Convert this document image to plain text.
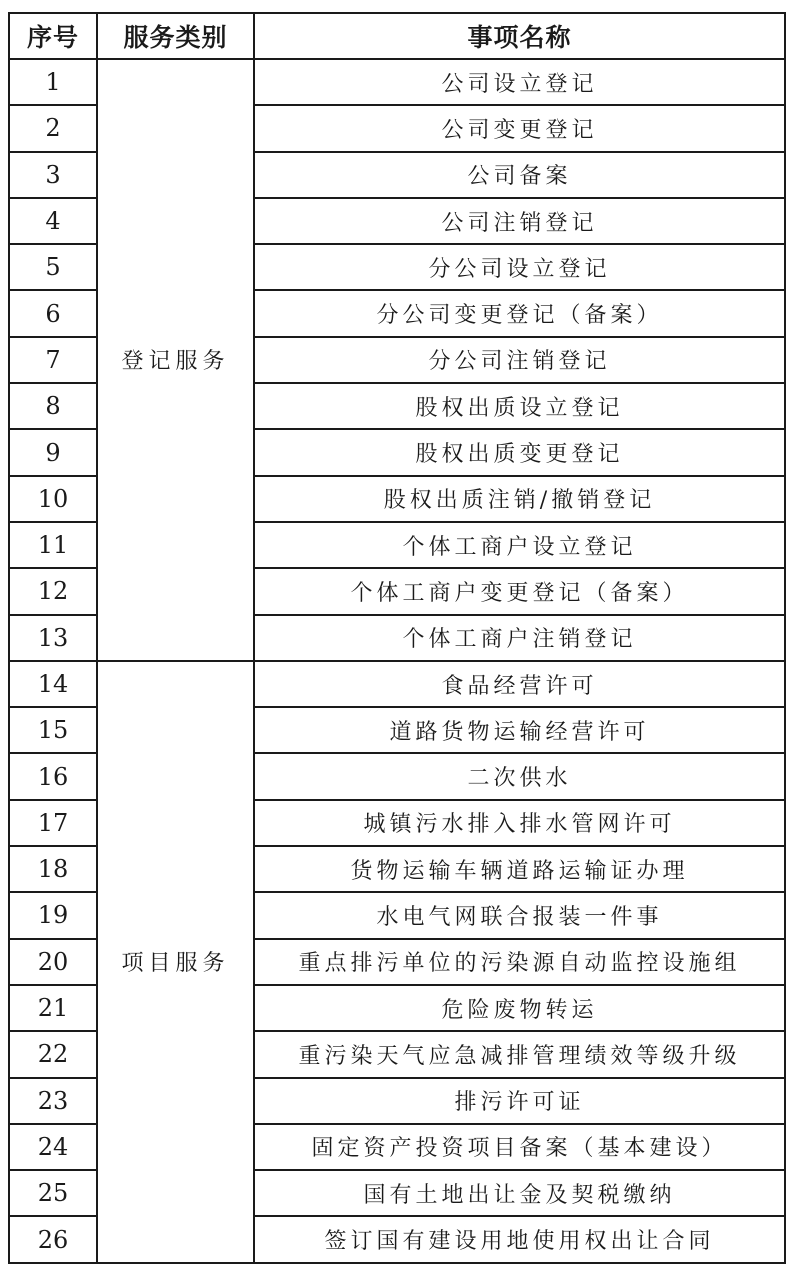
序号	服务类别	事项名称
1	登记服务	公司设立登记
2		公司变更登记
3		公司备案
4		公司注销登记
5		分公司设立登记
6		分公司变更登记（备案）
7		分公司注销登记
8		股权出质设立登记
9		股权出质变更登记
10		股权出质注销/撤销登记
11		个体工商户设立登记
12		个体工商户变更登记（备案）
13		个体工商户注销登记
14	项目服务	食品经营许可
15		道路货物运输经营许可
16		二次供水
17		城镇污水排入排水管网许可
18		货物运输车辆道路运输证办理
19		水电气网联合报装一件事
20		重点排污单位的污染源自动监控设施组
21		危险废物转运
22		重污染天气应急减排管理绩效等级升级
23		排污许可证
24		固定资产投资项目备案（基本建设）
25		国有土地出让金及契税缴纳
26		签订国有建设用地使用权出让合同
